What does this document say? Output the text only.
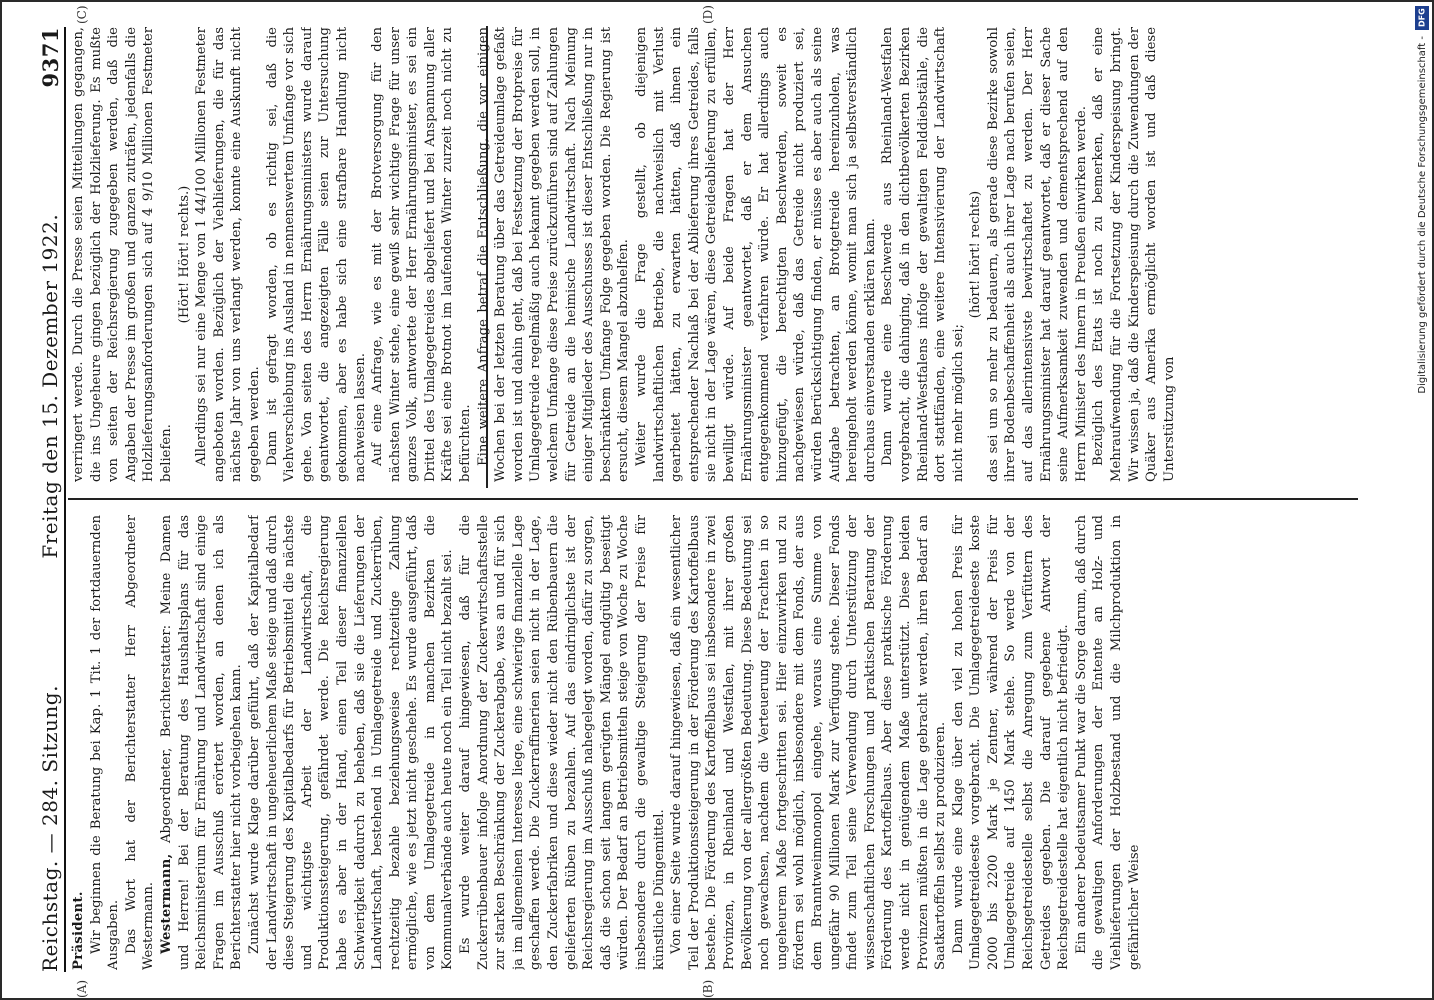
Reichstag. — 284. Sitzung.
Freitag den 15. Dezember 1922.
9371
(A)	(B)
(C)	(D)

Präsident. Wir beginnen die Beratung bei Kap. 1 Tit. 1 der fortdauernden Ausgaben. Das Wort hat der Berichterstatter Herr Abgeordneter Westermann. Westermann, Abgeordneter, Berichterstatter: Meine Damen und Herren! Bei der Beratung des Haushaltsplans für das Reichsministerium für Ernährung und Landwirtschaft sind einige Fragen im Ausschuß erörtert worden, an denen ich als Berichterstatter hier nicht vorbeigehen kann. Zunächst wurde Klage darüber geführt, daß der Kapitalbedarf der Landwirtschaft in ungeheuerlichem Maße steige und daß durch diese Steigerung des Kapitalbedarfs für Betriebsmittel die nächste und wichtigste Arbeit der Landwirtschaft, die Produktionssteigerung, gefährdet werde. Die Reichsregierung habe es aber in der Hand, einen Teil dieser finanziellen Schwierigkeit dadurch zu beheben, daß sie die Lieferungen der Landwirtschaft, bestehend in Umlagegetreide und Zuckerrüben, rechtzeitig bezahle beziehungsweise rechtzeitige Zahlung ermögliche, wie es jetzt nicht geschehe. Es wurde ausgeführt, daß von dem Umlagegetreide in manchen Bezirken die Kommunalverbände auch heute noch ein Teil nicht bezahlt sei. Es wurde weiter darauf hingewiesen, daß für die Zuckerrübenbauer infolge Anordnung der Zuckerwirtschaftsstelle zur starken Beschränkung der Zuckerabgabe, was an und für sich ja im allgemeinen Interesse liege, eine schwierige finanzielle Lage geschaffen werde. Die Zuckerraffinerien seien nicht in der Lage, den Zuckerfabriken und diese wieder nicht den Rübenbauern die gelieferten Rüben zu bezahlen. Auf das eindringlichste ist der Reichsregierung im Ausschuß nahegelegt worden, dafür zu sorgen, daß die schon seit langem gerügten Mängel endgültig beseitigt würden. Der Bedarf an Betriebsmitteln steige von Woche zu Woche insbesondere durch die gewaltige Steigerung der Preise für künstliche Düngemittel. Von einer Seite wurde darauf hingewiesen, daß ein wesentlicher Teil der Produktionssteigerung in der Förderung des Kartoffelbaus bestehe. Die Förderung des Kartoffelbaus sei insbesondere in zwei Provinzen, in Rheinland und Westfalen, mit ihrer großen Bevölkerung von der allergrößten Bedeutung. Diese Bedeutung sei noch gewachsen, nachdem die Verteuerung der Frachten in so ungeheurem Maße fortgeschritten sei. Hier einzuwirken und zu fördern sei wohl möglich, insbesondere mit dem Fonds, der aus dem Branntweinmonopol eingehe, woraus eine Summe von ungefähr 90 Millionen Mark zur Verfügung stehe. Dieser Fonds findet zum Teil seine Verwendung durch Unterstützung der wissenschaftlichen Forschungen und praktischen Beratung der Förderung des Kartoffelbaus. Aber diese praktische Förderung werde nicht in genügendem Maße unterstützt. Diese beiden Provinzen müßten in die Lage gebracht werden, ihren Bedarf an Saatkartoffeln selbst zu produzieren. Dann wurde eine Klage über den viel zu hohen Preis für Umlagegetreideeste vorgebracht. Die Umlagegetreideeste koste 2000 bis 2200 Mark je Zentner, während der Preis für Umlagegetreide auf 1450 Mark stehe. So werde von der Reichsgetreidestelle selbst die Anregung zum Verfüttern des Getreides gegeben. Die darauf gegebene Antwort der Reichsgetreidestelle hat eigentlich nicht befriedigt. Ein anderer bedeutsamer Punkt war die Sorge darum, daß durch die gewaltigen Anforderungen der Entente an Holz- und Viehlieferungen der Holzbestand und die Milchproduktion in gefährlicher Weise

verringert werde. Durch die Presse seien Mitteilungen gegangen, die ins Ungeheure gingen bezüglich der Holzlieferung. Es mußte von seiten der Reichsregierung zugegeben werden, daß die Angaben der Presse im großen und ganzen zuträfen, jedenfalls die Holzlieferungsanforderungen sich auf 4 9/10 Millionen Festmeter beliefen.

(Hört! Hört! rechts.) Allerdings sei nur eine Menge von 1 44/100 Millionen Festmeter angeboten worden. Bezüglich der Viehlieferungen, die für das nächste Jahr von uns verlangt werden, konnte eine Auskunft nicht gegeben werden. Dann ist gefragt worden, ob es richtig sei, daß die Viehverschiebung ins Ausland in nennenswertem Umfange vor sich gehe. Von seiten des Herrn Ernährungsministers wurde darauf geantwortet, die angezeigten Fälle seien zur Untersuchung gekommen, aber es habe sich eine strafbare Handlung nicht nachweisen lassen. Auf eine Anfrage, wie es mit der Brotversorgung für den nächsten Winter stehe, eine gewiß sehr wichtige Frage für unser ganzes Volk, antwortete der Herr Ernährungsminister, es sei ein Drittel des Umlagegetreides abgeliefert und bei Anspannung aller Kräfte sei eine Brotnot im laufenden Winter zurzeit noch nicht zu befürchten. Eine weitere Anfrage betraf die Entschließung, die vor einigen Wochen bei der letzten Beratung über das Getreideumlage gefaßt worden ist und dahin geht, daß bei Festsetzung der Brotpreise für Umlagegetreide regelmäßig auch bekannt gegeben werden soll, in welchem Umfange diese Preise zurückzuführen sind auf Zahlungen für Getreide an die heimische Landwirtschaft. Nach Meinung einiger Mitglieder des Ausschusses ist dieser Entschließung nur in beschränktem Umfange Folge gegeben worden. Die Regierung ist ersucht, diesem Mangel abzuhelfen. Weiter wurde die Frage gestellt, ob diejenigen landwirtschaftlichen Betriebe, die nachweislich mit Verlust gearbeitet hätten, zu erwarten hätten, daß ihnen ein entsprechender Nachlaß bei der Ablieferung ihres Getreides, falls sie nicht in der Lage wären, diese Getreideablieferung zu erfüllen, bewilligt würde. Auf beide Fragen hat der Herr Ernährungsminister geantwortet, daß er dem Ansuchen entgegenkommend verfahren würde. Er hat allerdings auch hinzugefügt, die berechtigten Beschwerden, soweit es nachgewiesen würde, daß das Getreide nicht produziert sei, würden Berücksichtigung finden, er müsse es aber auch als seine Aufgabe betrachten, an Brotgetreide hereinzuholen, was hereingeholt werden könne, womit man sich ja selbstverständlich durchaus einverstanden erklären kann. Dann wurde eine Beschwerde aus Rheinland-Westfalen vorgebracht, die dahinging, daß in den dichtbevölkerten Bezirken Rheinland-Westfalens infolge der gewaltigen Felddiebstähle, die dort stattfänden, eine weitere Intensivierung der Landwirtschaft nicht mehr möglich sei;

(hört! hört! rechts) das sei um so mehr zu bedauern, als gerade diese Bezirke sowohl ihrer Bodenbeschaffenheit als auch ihrer Lage nach berufen seien, auf das allerintensivste bewirtschaftet zu werden. Der Herr Ernährungsminister hat darauf geantwortet, daß er dieser Sache seine Aufmerksamkeit zuwenden und dementsprechend auf den Herrn Minister des Innern in Preußen einwirken werde. Bezüglich des Etats ist noch zu bemerken, daß er eine Mehraufwendung für die Fortsetzung der Kinderspeisung bringt. Wir wissen ja, daß die Kinderspeisung durch die Zuwendungen der Quäker aus Amerika ermöglicht worden ist und daß diese Unterstützung von

DFG
Digitalisierung gefördert durch die Deutsche Forschungsgemeinschaft -
